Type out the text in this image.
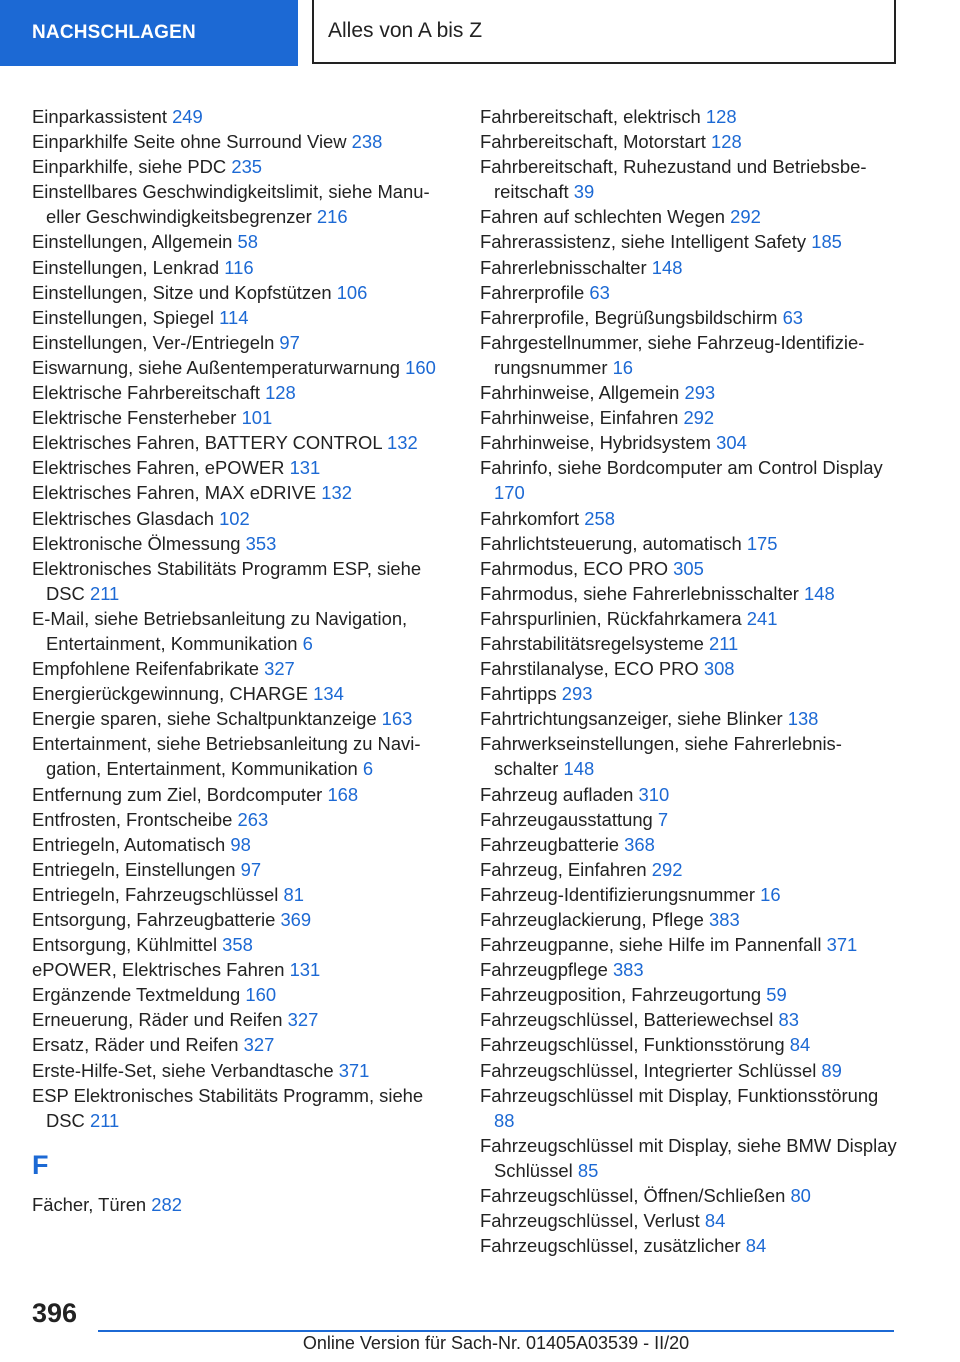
NACHSCHLAGEN	Alles von A bis Z
Einparkassistent 249
Einparkhilfe Seite ohne Surround View 238
Einparkhilfe, siehe PDC 235
Einstellbares Geschwindigkeitslimit, siehe Manueller Geschwindigkeitsbegrenzer 216
Einstellungen, Allgemein 58
Einstellungen, Lenkrad 116
Einstellungen, Sitze und Kopfstützen 106
Einstellungen, Spiegel 114
Einstellungen, Ver-/Entriegeln 97
Eiswarnung, siehe Außentemperaturwarnung 160
Elektrische Fahrbereitschaft 128
Elektrische Fensterheber 101
Elektrisches Fahren, BATTERY CONTROL 132
Elektrisches Fahren, ePOWER 131
Elektrisches Fahren, MAX eDRIVE 132
Elektrisches Glasdach 102
Elektronische Ölmessung 353
Elektronisches Stabilitäts Programm ESP, siehe DSC 211
E-Mail, siehe Betriebsanleitung zu Navigation, Entertainment, Kommunikation 6
Empfohlene Reifenfabrikate 327
Energierückgewinnung, CHARGE 134
Energie sparen, siehe Schaltpunktanzeige 163
Entertainment, siehe Betriebsanleitung zu Navigation, Entertainment, Kommunikation 6
Entfernung zum Ziel, Bordcomputer 168
Entfrosten, Frontscheibe 263
Entriegeln, Automatisch 98
Entriegeln, Einstellungen 97
Entriegeln, Fahrzeugschlüssel 81
Entsorgung, Fahrzeugbatterie 369
Entsorgung, Kühlmittel 358
ePOWER, Elektrisches Fahren 131
Ergänzende Textmeldung 160
Erneuerung, Räder und Reifen 327
Ersatz, Räder und Reifen 327
Erste-Hilfe-Set, siehe Verbandtasche 371
ESP Elektronisches Stabilitäts Programm, siehe DSC 211
F
Fächer, Türen 282
Fahrbereitschaft, elektrisch 128
Fahrbereitschaft, Motorstart 128
Fahrbereitschaft, Ruhezustand und Betriebsbereitschaft 39
Fahren auf schlechten Wegen 292
Fahrerassistenz, siehe Intelligent Safety 185
Fahrerlebnisschalter 148
Fahrerprofile 63
Fahrerprofile, Begrüßungsbildschirm 63
Fahrgestellnummer, siehe Fahrzeug-Identifizierungsnummer 16
Fahrhinweise, Allgemein 293
Fahrhinweise, Einfahren 292
Fahrhinweise, Hybridsystem 304
Fahrinfo, siehe Bordcomputer am Control Display 170
Fahrkomfort 258
Fahrlichtsteuerung, automatisch 175
Fahrmodus, ECO PRO 305
Fahrmodus, siehe Fahrerlebnisschalter 148
Fahrspurlinien, Rückfahrkamera 241
Fahrstabilitätsregelsysteme 211
Fahrstilanalyse, ECO PRO 308
Fahrtipps 293
Fahrtrichtungsanzeiger, siehe Blinker 138
Fahrwerkseinstellungen, siehe Fahrerlebnisschalter 148
Fahrzeug aufladen 310
Fahrzeugausstattung 7
Fahrzeugbatterie 368
Fahrzeug, Einfahren 292
Fahrzeug-Identifizierungsnummer 16
Fahrzeuglackierung, Pflege 383
Fahrzeugpanne, siehe Hilfe im Pannenfall 371
Fahrzeugpflege 383
Fahrzeugposition, Fahrzeugortung 59
Fahrzeugschlüssel, Batteriewechsel 83
Fahrzeugschlüssel, Funktionsstörung 84
Fahrzeugschlüssel, Integrierter Schlüssel 89
Fahrzeugschlüssel mit Display, Funktionsstörung 88
Fahrzeugschlüssel mit Display, siehe BMW Display Schlüssel 85
Fahrzeugschlüssel, Öffnen/Schließen 80
Fahrzeugschlüssel, Verlust 84
Fahrzeugschlüssel, zusätzlicher 84
396
Online Version für Sach-Nr. 01405A03539 - II/20
